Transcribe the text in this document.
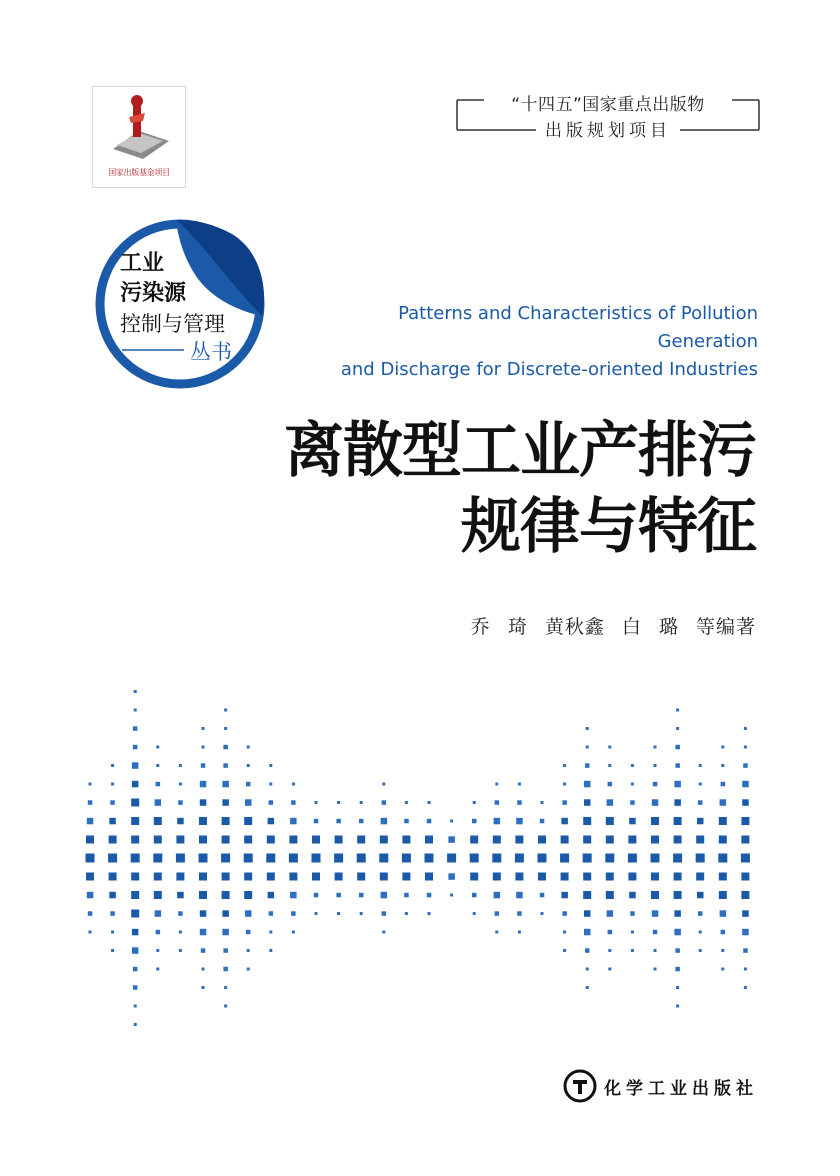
国家出版基金项目
“十四五”国家重点出版物
出版规划项目
工业
污染源
控制与管理
丛书
Patterns and Characteristics of Pollution Generation
and Discharge for Discrete-oriented Industries
离散型工业产排污
规律与特征
乔 琦 黄秋鑫 白 璐 等编著
化学工业出版社
